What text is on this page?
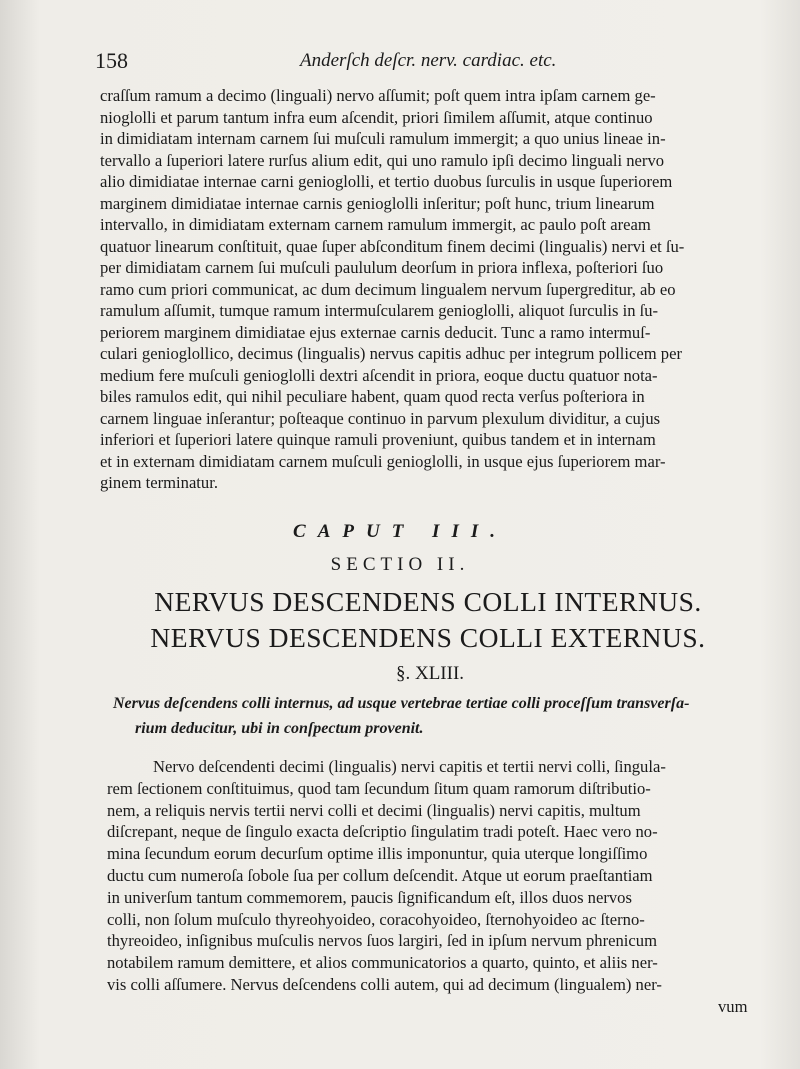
158	Anderſch deſcr. nerv. cardiac. etc.

craſſum ramum a decimo (linguali) nervo aſſumit; poſt quem intra ipſam carnem ge-
nioglolli et parum tantum infra eum aſcendit, priori ſimilem aſſumit, atque continuo
in dimidiatam internam carnem ſui muſculi ramulum immergit; a quo unius lineae in-
tervallo a ſuperiori latere rurſus alium edit, qui uno ramulo ipſi decimo linguali nervo
alio dimidiatae internae carni genioglolli, et tertio duobus ſurculis in usque ſuperiorem
marginem dimidiatae internae carnis genioglolli inſeritur; poſt hunc, trium linearum
intervallo, in dimidiatam externam carnem ramulum immergit, ac paulo poſt aream
quatuor linearum conſtituit, quae ſuper abſconditum finem decimi (lingualis) nervi et ſu-
per dimidiatam carnem ſui muſculi paululum deorſum in priora inflexa, poſteriori ſuo
ramo cum priori communicat, ac dum decimum lingualem nervum ſupergreditur, ab eo
ramulum aſſumit, tumque ramum intermuſcularem genioglolli, aliquot ſurculis in ſu-
periorem marginem dimidiatae ejus externae carnis deducit. Tunc a ramo intermuſ-
culari genioglollico, decimus (lingualis) nervus capitis adhuc per integrum pollicem per
medium fere muſculi genioglolli dextri aſcendit in priora, eoque ductu quatuor nota-
biles ramulos edit, qui nihil peculiare habent, quam quod recta verſus poſteriora in
carnem linguae inſerantur; poſteaque continuo in parvum plexulum dividitur, a cujus
inferiori et ſuperiori latere quinque ramuli proveniunt, quibus tandem et in internam
et in externam dimidiatam carnem muſculi genioglolli, in usque ejus ſuperiorem mar-
ginem terminatur.

CAPUT III.
SECTIO II.
NERVUS DESCENDENS COLLI INTERNUS.
NERVUS DESCENDENS COLLI EXTERNUS.
§. XLIII.

Nervus deſcendens colli internus, ad usque vertebrae tertiae colli proceſſum transverſa-
rium deducitur, ubi in conſpectum provenit.

Nervo deſcendenti decimi (lingualis) nervi capitis et tertii nervi colli, ſingula-
rem ſectionem conſtituimus, quod tam ſecundum ſitum quam ramorum diſtributio-
nem, a reliquis nervis tertii nervi colli et decimi (lingualis) nervi capitis, multum
diſcrepant, neque de ſingulo exacta deſcriptio ſingulatim tradi poteſt. Haec vero no-
mina ſecundum eorum decurſum optime illis imponuntur, quia uterque longiſſimo
ductu cum numeroſa ſobole ſua per collum deſcendit. Atque ut eorum praeſtantiam
in univerſum tantum commemorem, paucis ſignificandum eſt, illos duos nervos
colli, non ſolum muſculo thyreohyoideo, coracohyoideo, ſternohyoideo ac ſterno-
thyreoideo, inſignibus muſculis nervos ſuos largiri, ſed in ipſum nervum phrenicum
notabilem ramum demittere, et alios communicatorios a quarto, quinto, et aliis ner-
vis colli aſſumere. Nervus deſcendens colli autem, qui ad decimum (lingualem) ner-

vum
